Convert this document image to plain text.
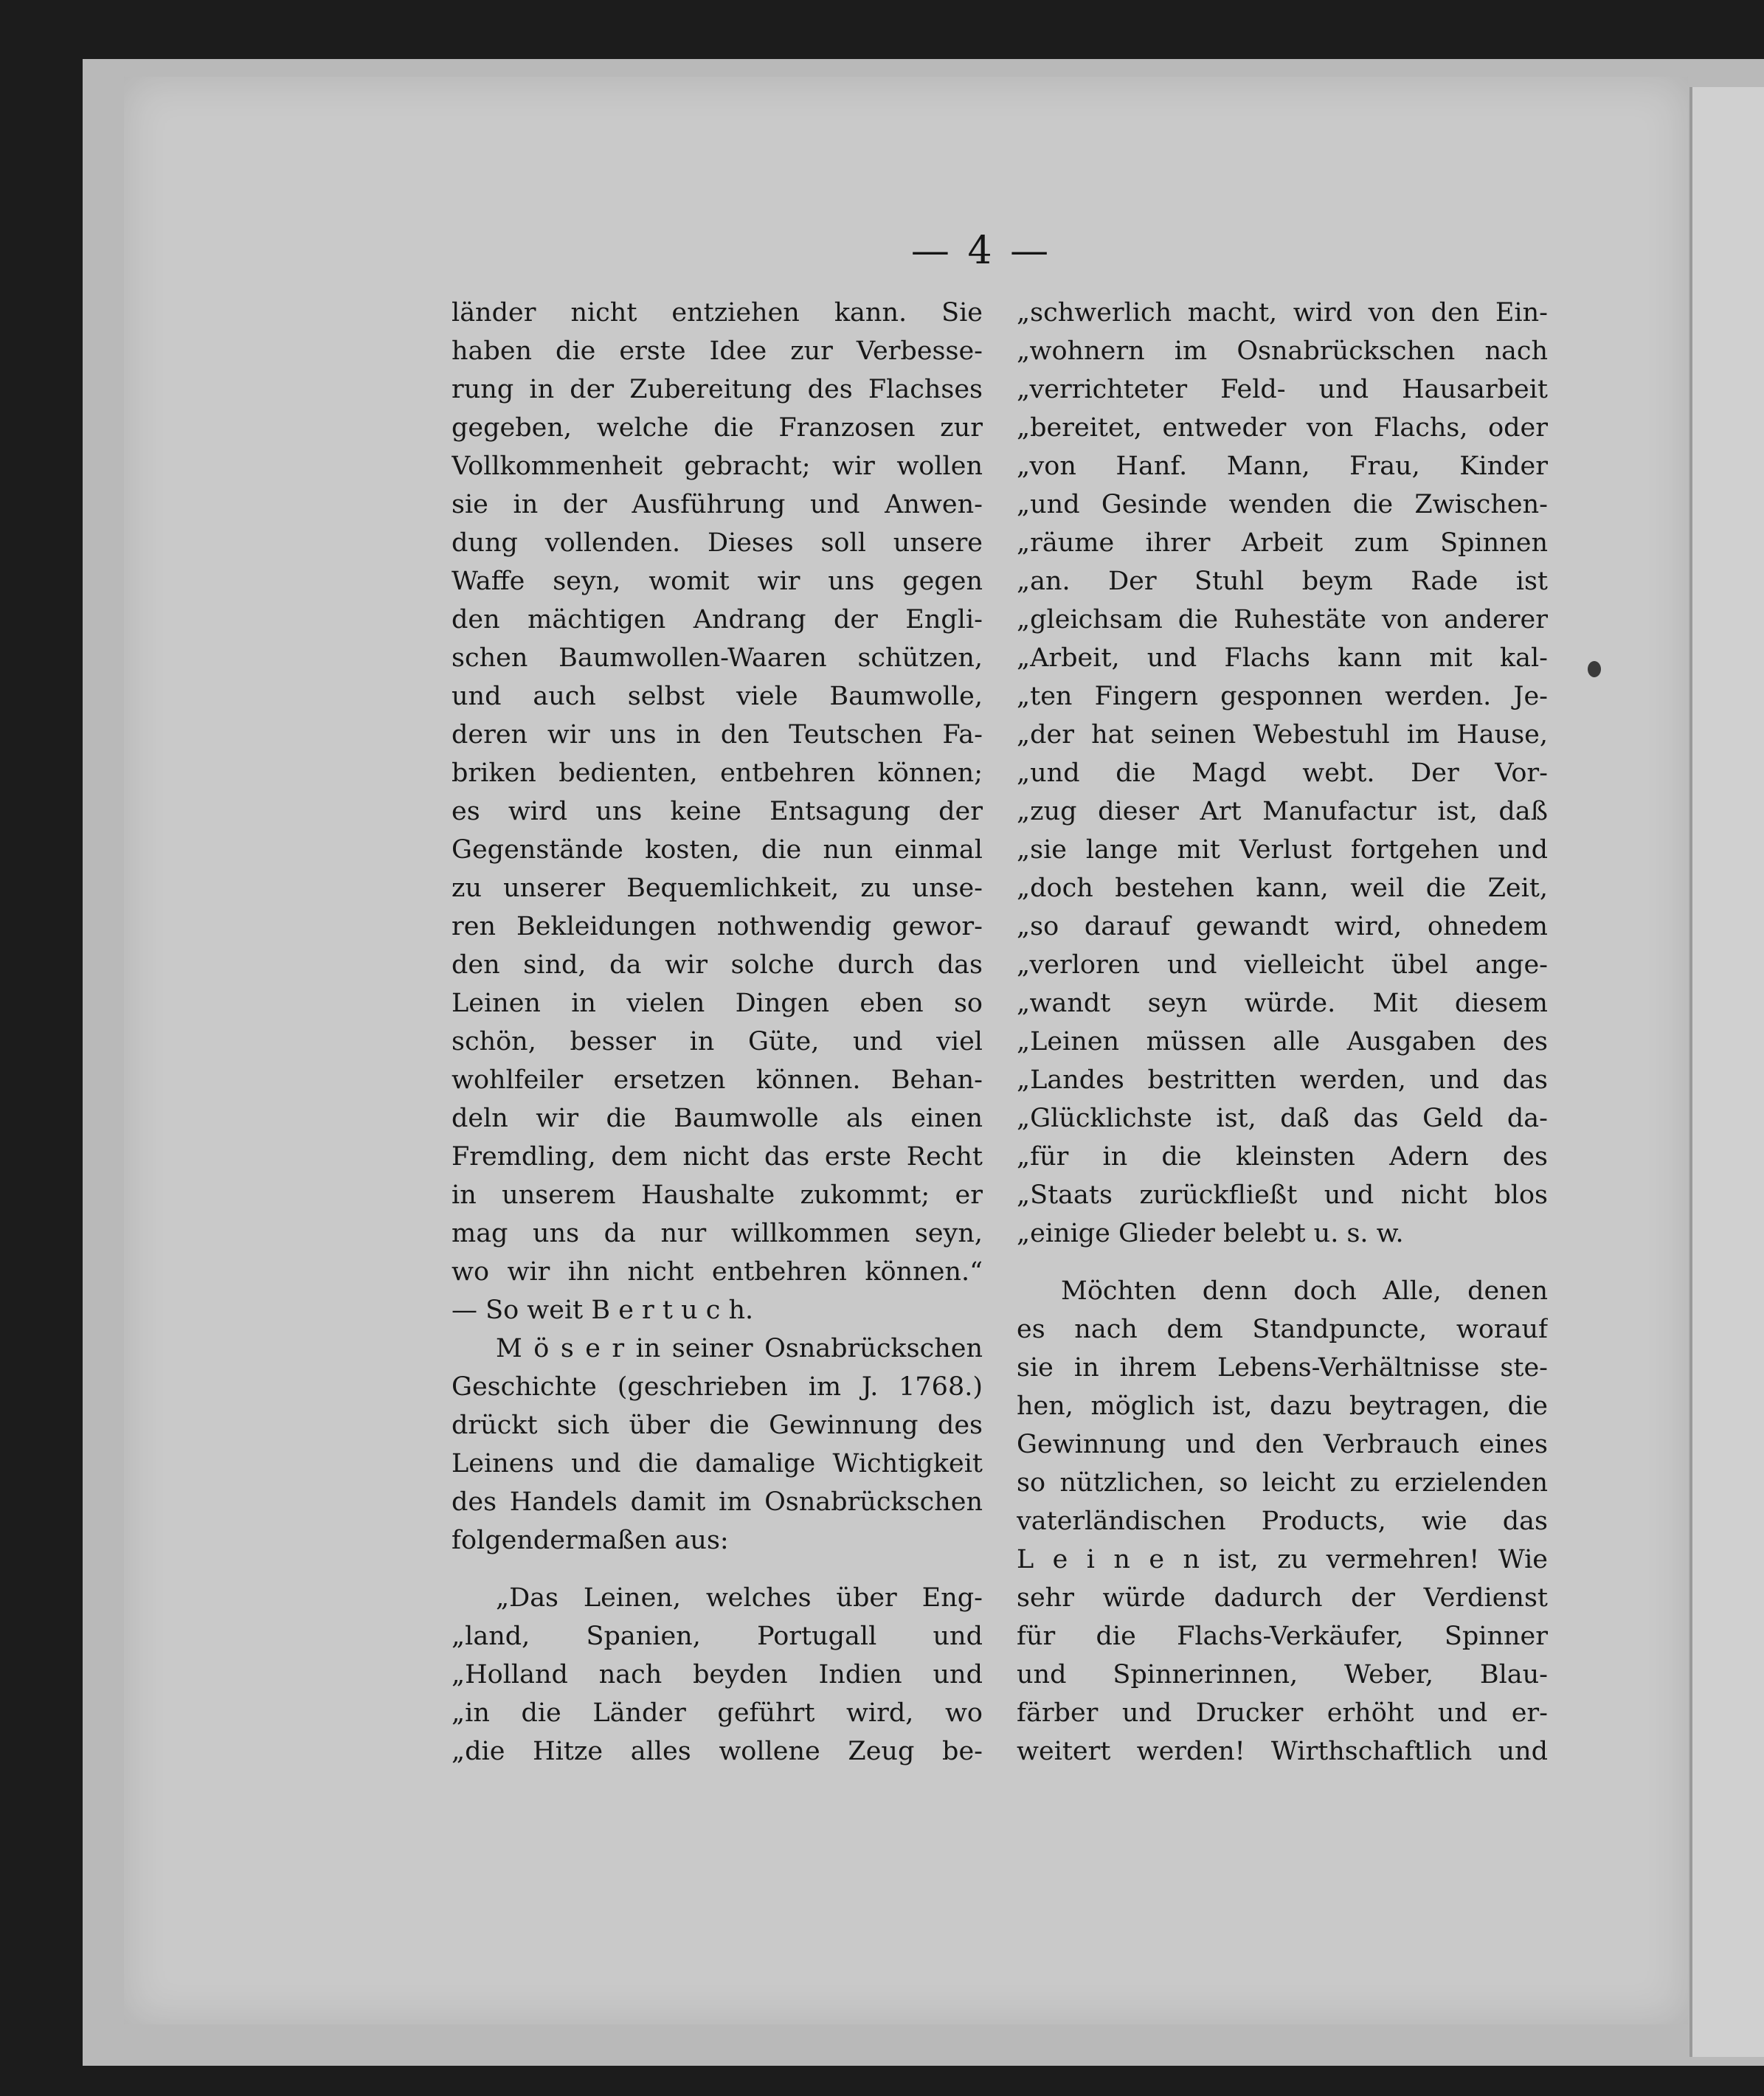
— 4 —
länder nicht entziehen kann. Sie
haben die erste Idee zur Verbesse-
rung in der Zubereitung des Flachses
gegeben, welche die Franzosen zur
Vollkommenheit gebracht; wir wollen
sie in der Ausführung und Anwen-
dung vollenden. Dieses soll unsere
Waffe seyn, womit wir uns gegen
den mächtigen Andrang der Engli-
schen Baumwollen-Waaren schützen,
und auch selbst viele Baumwolle,
deren wir uns in den Teutschen Fa-
briken bedienten, entbehren können;
es wird uns keine Entsagung der
Gegenstände kosten, die nun einmal
zu unserer Bequemlichkeit, zu unse-
ren Bekleidungen nothwendig gewor-
den sind, da wir solche durch das
Leinen in vielen Dingen eben so
schön, besser in Güte, und viel
wohlfeiler ersetzen können. Behan-
deln wir die Baumwolle als einen
Fremdling, dem nicht das erste Recht
in unserem Haushalte zukommt; er
mag uns da nur willkommen seyn,
wo wir ihn nicht entbehren können.“
— So weit B e r t u c h.
M ö s e r in seiner Osnabrückschen
Geschichte (geschrieben im J. 1768.)
drückt sich über die Gewinnung des
Leinens und die damalige Wichtigkeit
des Handels damit im Osnabrückschen
folgendermaßen aus:
„Das Leinen, welches über Eng-
„land, Spanien, Portugall und
„Holland nach beyden Indien und
„in die Länder geführt wird, wo
„die Hitze alles wollene Zeug be-
„schwerlich macht, wird von den Ein-
„wohnern im Osnabrückschen nach
„verrichteter Feld- und Hausarbeit
„bereitet, entweder von Flachs, oder
„von Hanf. Mann, Frau, Kinder
„und Gesinde wenden die Zwischen-
„räume ihrer Arbeit zum Spinnen
„an. Der Stuhl beym Rade ist
„gleichsam die Ruhestäte von anderer
„Arbeit, und Flachs kann mit kal-
„ten Fingern gesponnen werden. Je-
„der hat seinen Webestuhl im Hause,
„und die Magd webt. Der Vor-
„zug dieser Art Manufactur ist, daß
„sie lange mit Verlust fortgehen und
„doch bestehen kann, weil die Zeit,
„so darauf gewandt wird, ohnedem
„verloren und vielleicht übel ange-
„wandt seyn würde. Mit diesem
„Leinen müssen alle Ausgaben des
„Landes bestritten werden, und das
„Glücklichste ist, daß das Geld da-
„für in die kleinsten Adern des
„Staats zurückfließt und nicht blos
„einige Glieder belebt u. s. w.
Möchten denn doch Alle, denen
es nach dem Standpuncte, worauf
sie in ihrem Lebens-Verhältnisse ste-
hen, möglich ist, dazu beytragen, die
Gewinnung und den Verbrauch eines
so nützlichen, so leicht zu erzielenden
vaterländischen Products, wie das
L e i n e n ist, zu vermehren! Wie
sehr würde dadurch der Verdienst
für die Flachs-Verkäufer, Spinner
und Spinnerinnen, Weber, Blau-
färber und Drucker erhöht und er-
weitert werden! Wirthschaftlich und
